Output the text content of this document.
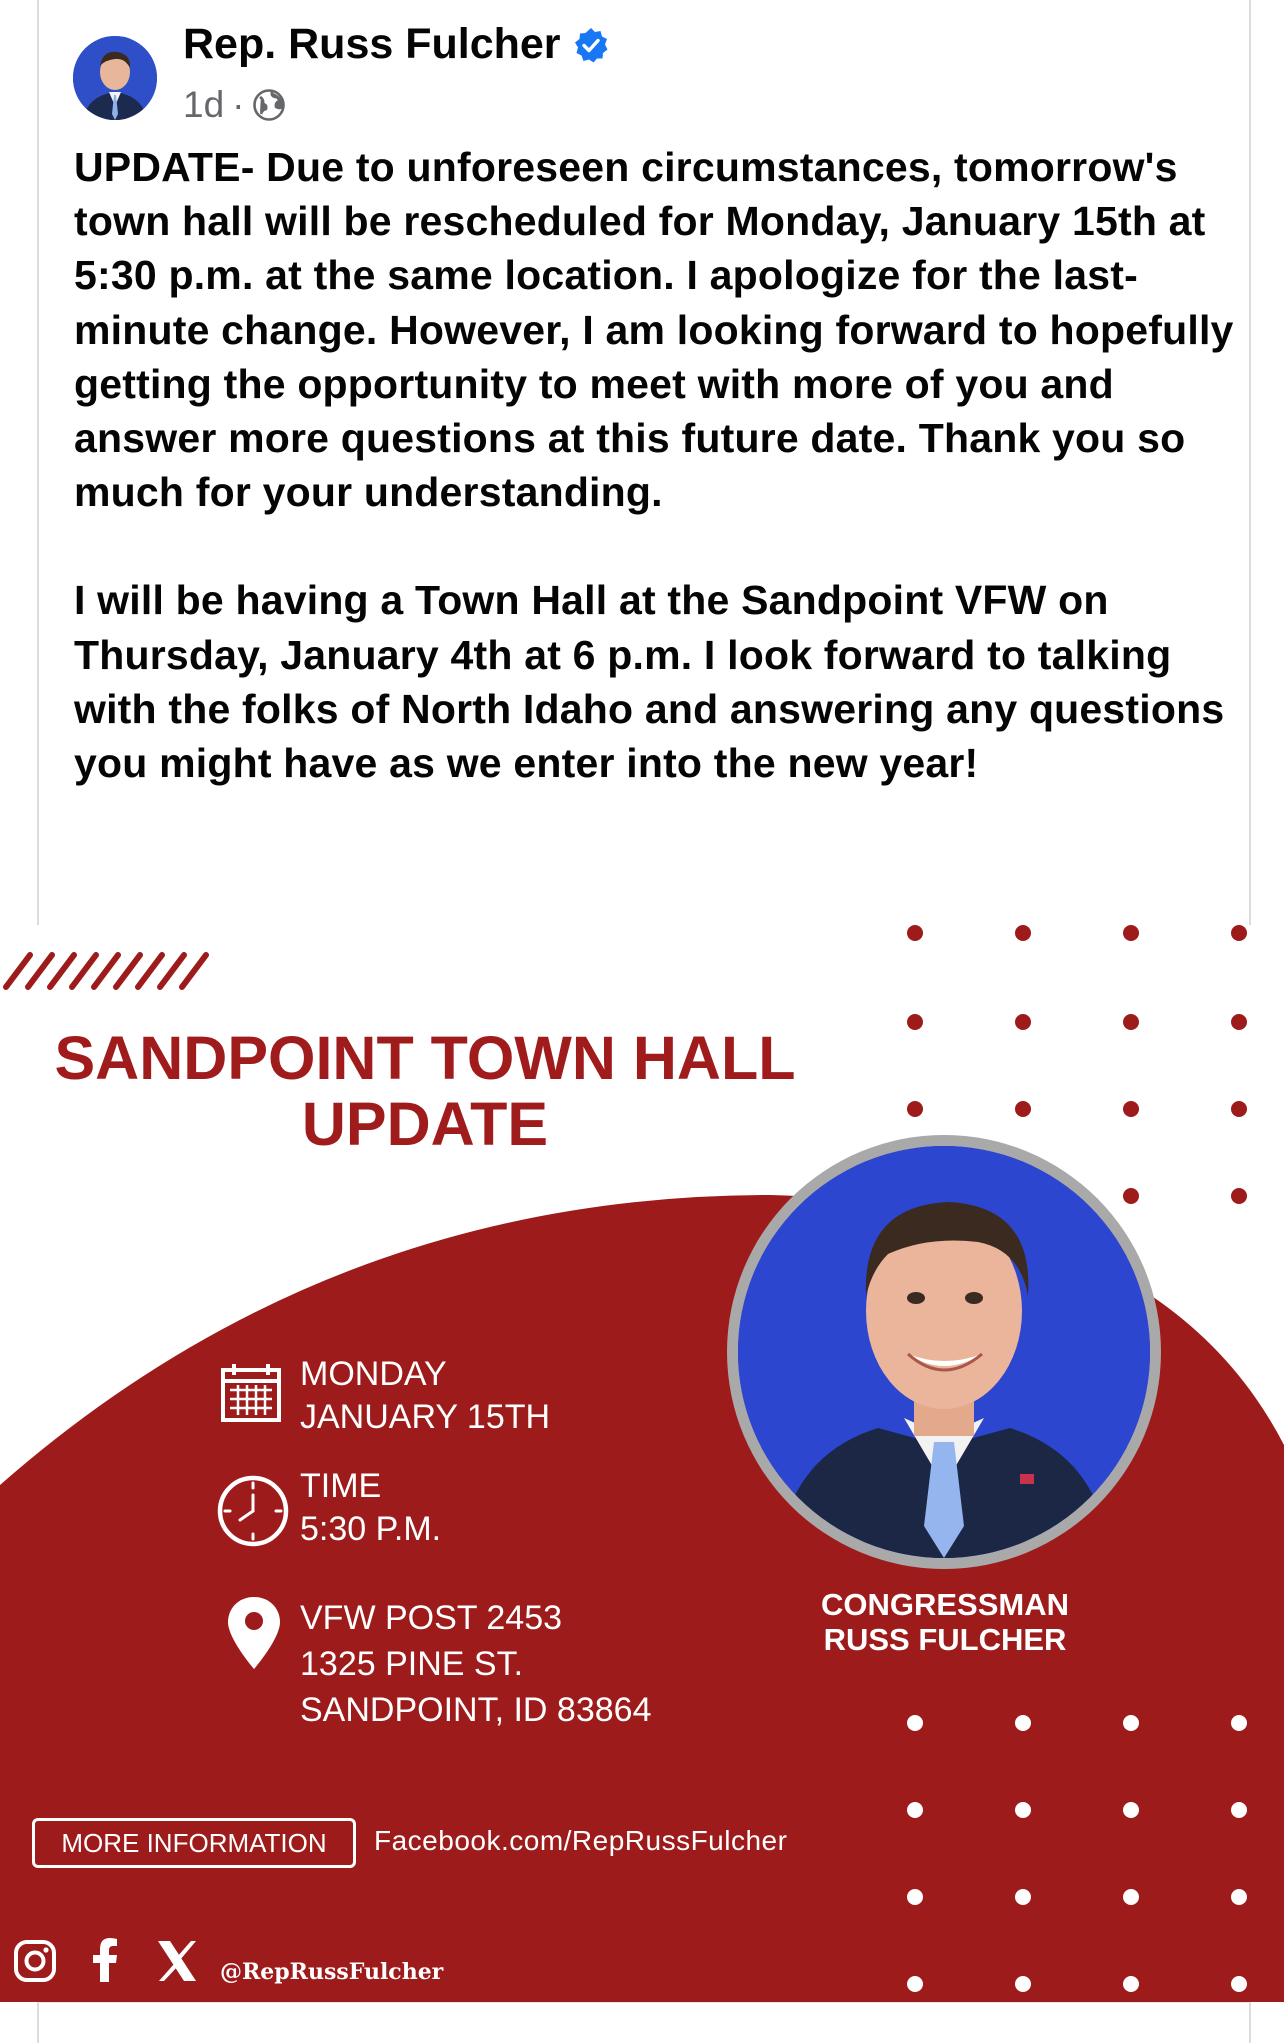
Rep. Russ Fulcher
1d ·

UPDATE- Due to unforeseen circumstances, tomorrow's town hall will be rescheduled for Monday, January 15th at 5:30 p.m. at the same location. I apologize for the last-minute change. However, I am looking forward to hopefully getting the opportunity to meet with more of you and answer more questions at this future date. Thank you so much for your understanding.

I will be having a Town Hall at the Sandpoint VFW on Thursday, January 4th at 6 p.m. I look forward to talking with the folks of North Idaho and answering any questions you might have as we enter into the new year!

SANDPOINT TOWN HALL
UPDATE
MONDAY
JANUARY 15TH
TIME
5:30 P.M.
VFW POST 2453
1325 PINE ST.
SANDPOINT, ID 83864
CONGRESSMAN
RUSS FULCHER
MORE INFORMATION	Facebook.com/RepRussFulcher
@RepRussFulcher
